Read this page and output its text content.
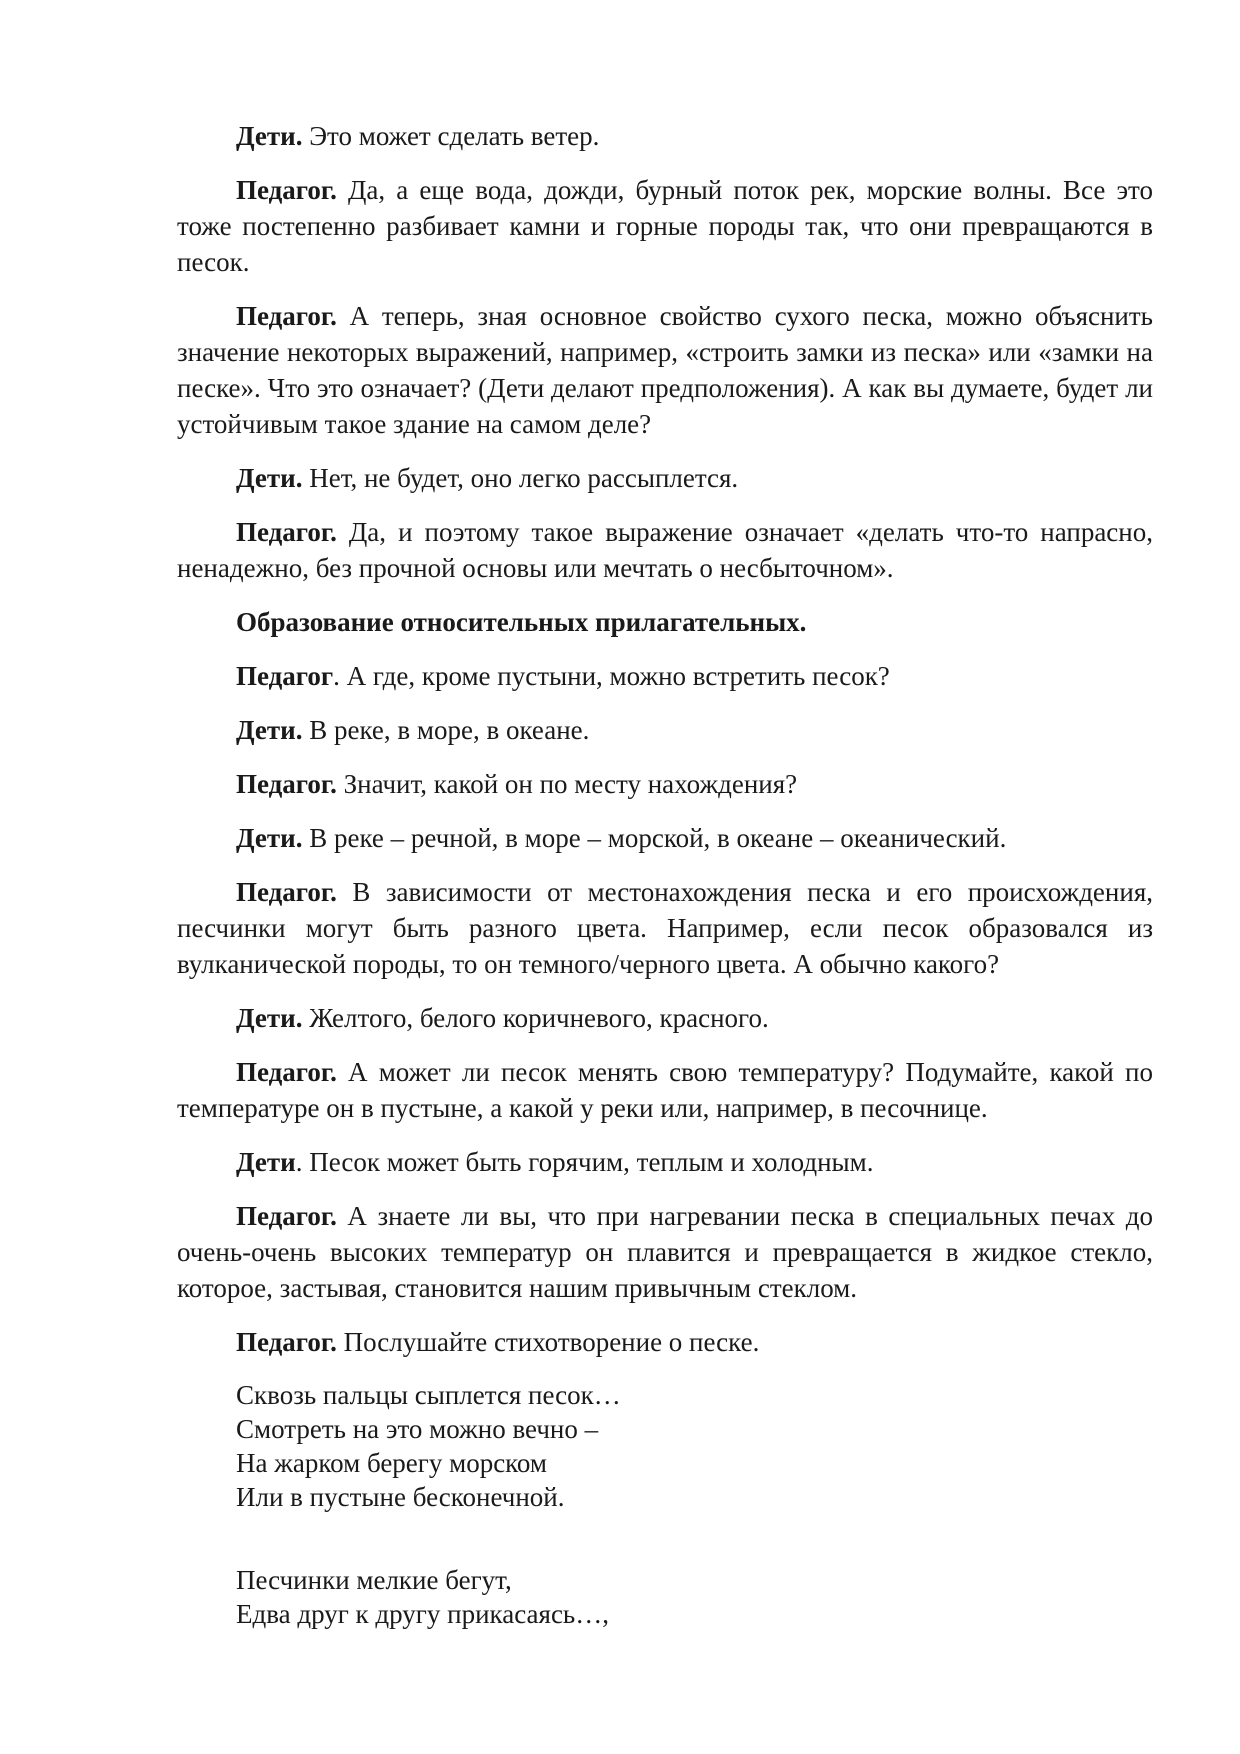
Дети. Это может сделать ветер.

Педагог. Да, а еще вода, дожди, бурный поток рек, морские волны. Все это тоже постепенно разбивает камни и горные породы так, что они превращаются в песок.

Педагог. А теперь, зная основное свойство сухого песка, можно объяснить значение некоторых выражений, например, «строить замки из песка» или «замки на песке». Что это означает? (Дети делают предположения). А как вы думаете, будет ли устойчивым такое здание на самом деле?

Дети. Нет, не будет, оно легко рассыплется.

Педагог. Да, и поэтому такое выражение означает «делать что-то напрасно, ненадежно, без прочной основы или мечтать о несбыточном».

Образование относительных прилагательных.

Педагог. А где, кроме пустыни, можно встретить песок?

Дети. В реке, в море, в океане.

Педагог. Значит, какой он по месту нахождения?

Дети. В реке – речной, в море – морской, в океане – океанический.

Педагог. В зависимости от местонахождения песка и его происхождения, песчинки могут быть разного цвета. Например, если песок образовался из вулканической породы, то он темного/черного цвета. А обычно какого?

Дети. Желтого, белого коричневого, красного.

Педагог. А может ли песок менять свою температуру? Подумайте, какой по температуре он в пустыне, а какой у реки или, например, в песочнице.

Дети. Песок может быть горячим, теплым и холодным.

Педагог. А знаете ли вы, что при нагревании песка в специальных печах до очень-очень высоких температур он плавится и превращается в жидкое стекло, которое, застывая, становится нашим привычным стеклом.

Педагог. Послушайте стихотворение о песке.

Сквозь пальцы сыплется песок…
Смотреть на это можно вечно –
На жарком берегу морском
Или в пустыне бесконечной.
Песчинки мелкие бегут,
Едва друг к другу прикасаясь…,
